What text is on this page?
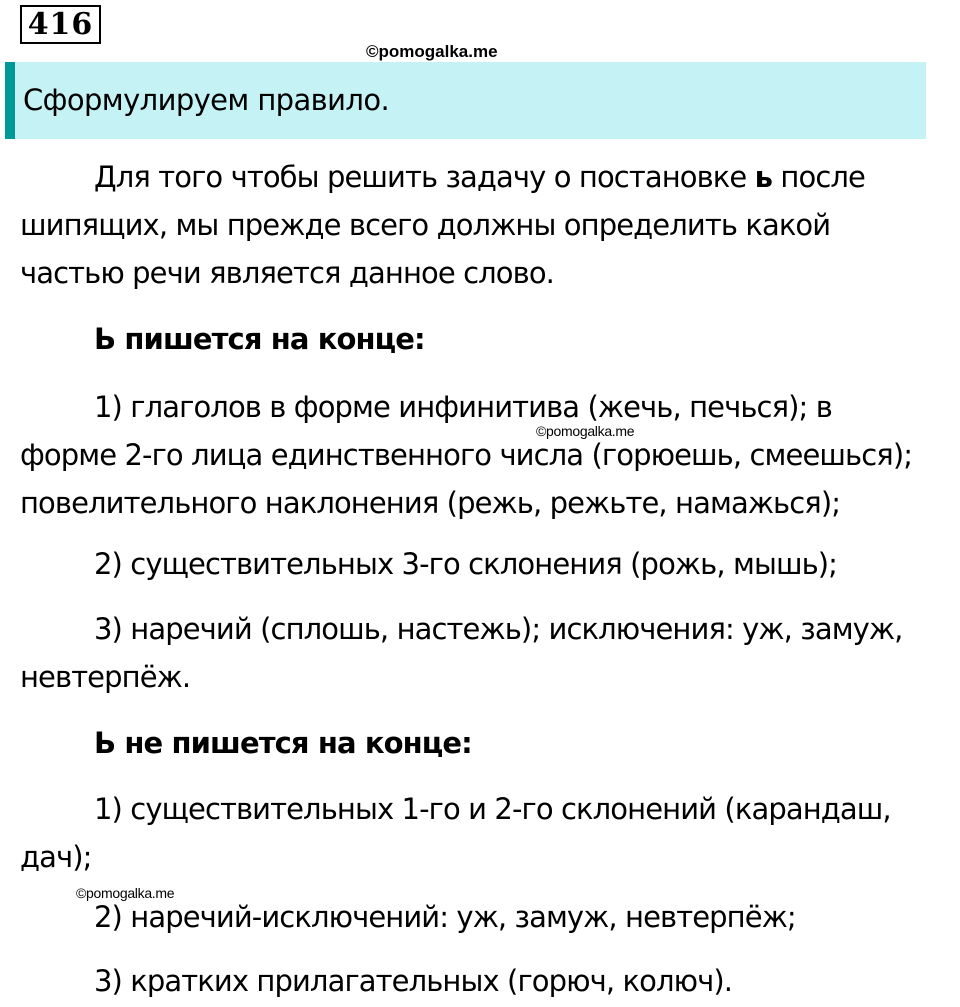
416
©pomogalka.me
Сформулируем правило.
Для того чтобы решить задачу о постановке ь после
шипящих, мы прежде всего должны определить какой
частью речи является данное слово.
Ь пишется на конце:
1) глаголов в форме инфинитива (жечь, печься); в
форме 2-го лица единственного числа (горюешь, смеешься);
повелительного наклонения (режь, режьте, намажься);
©pomogalka.me
2) существительных 3-го склонения (рожь, мышь);
3) наречий (сплошь, настежь); исключения: уж, замуж,
невтерпёж.
Ь не пишется на конце:
1) существительных 1-го и 2-го склонений (карандаш,
дач);
©pomogalka.me
2) наречий-исключений: уж, замуж, невтерпёж;
3) кратких прилагательных (горюч, колюч).
